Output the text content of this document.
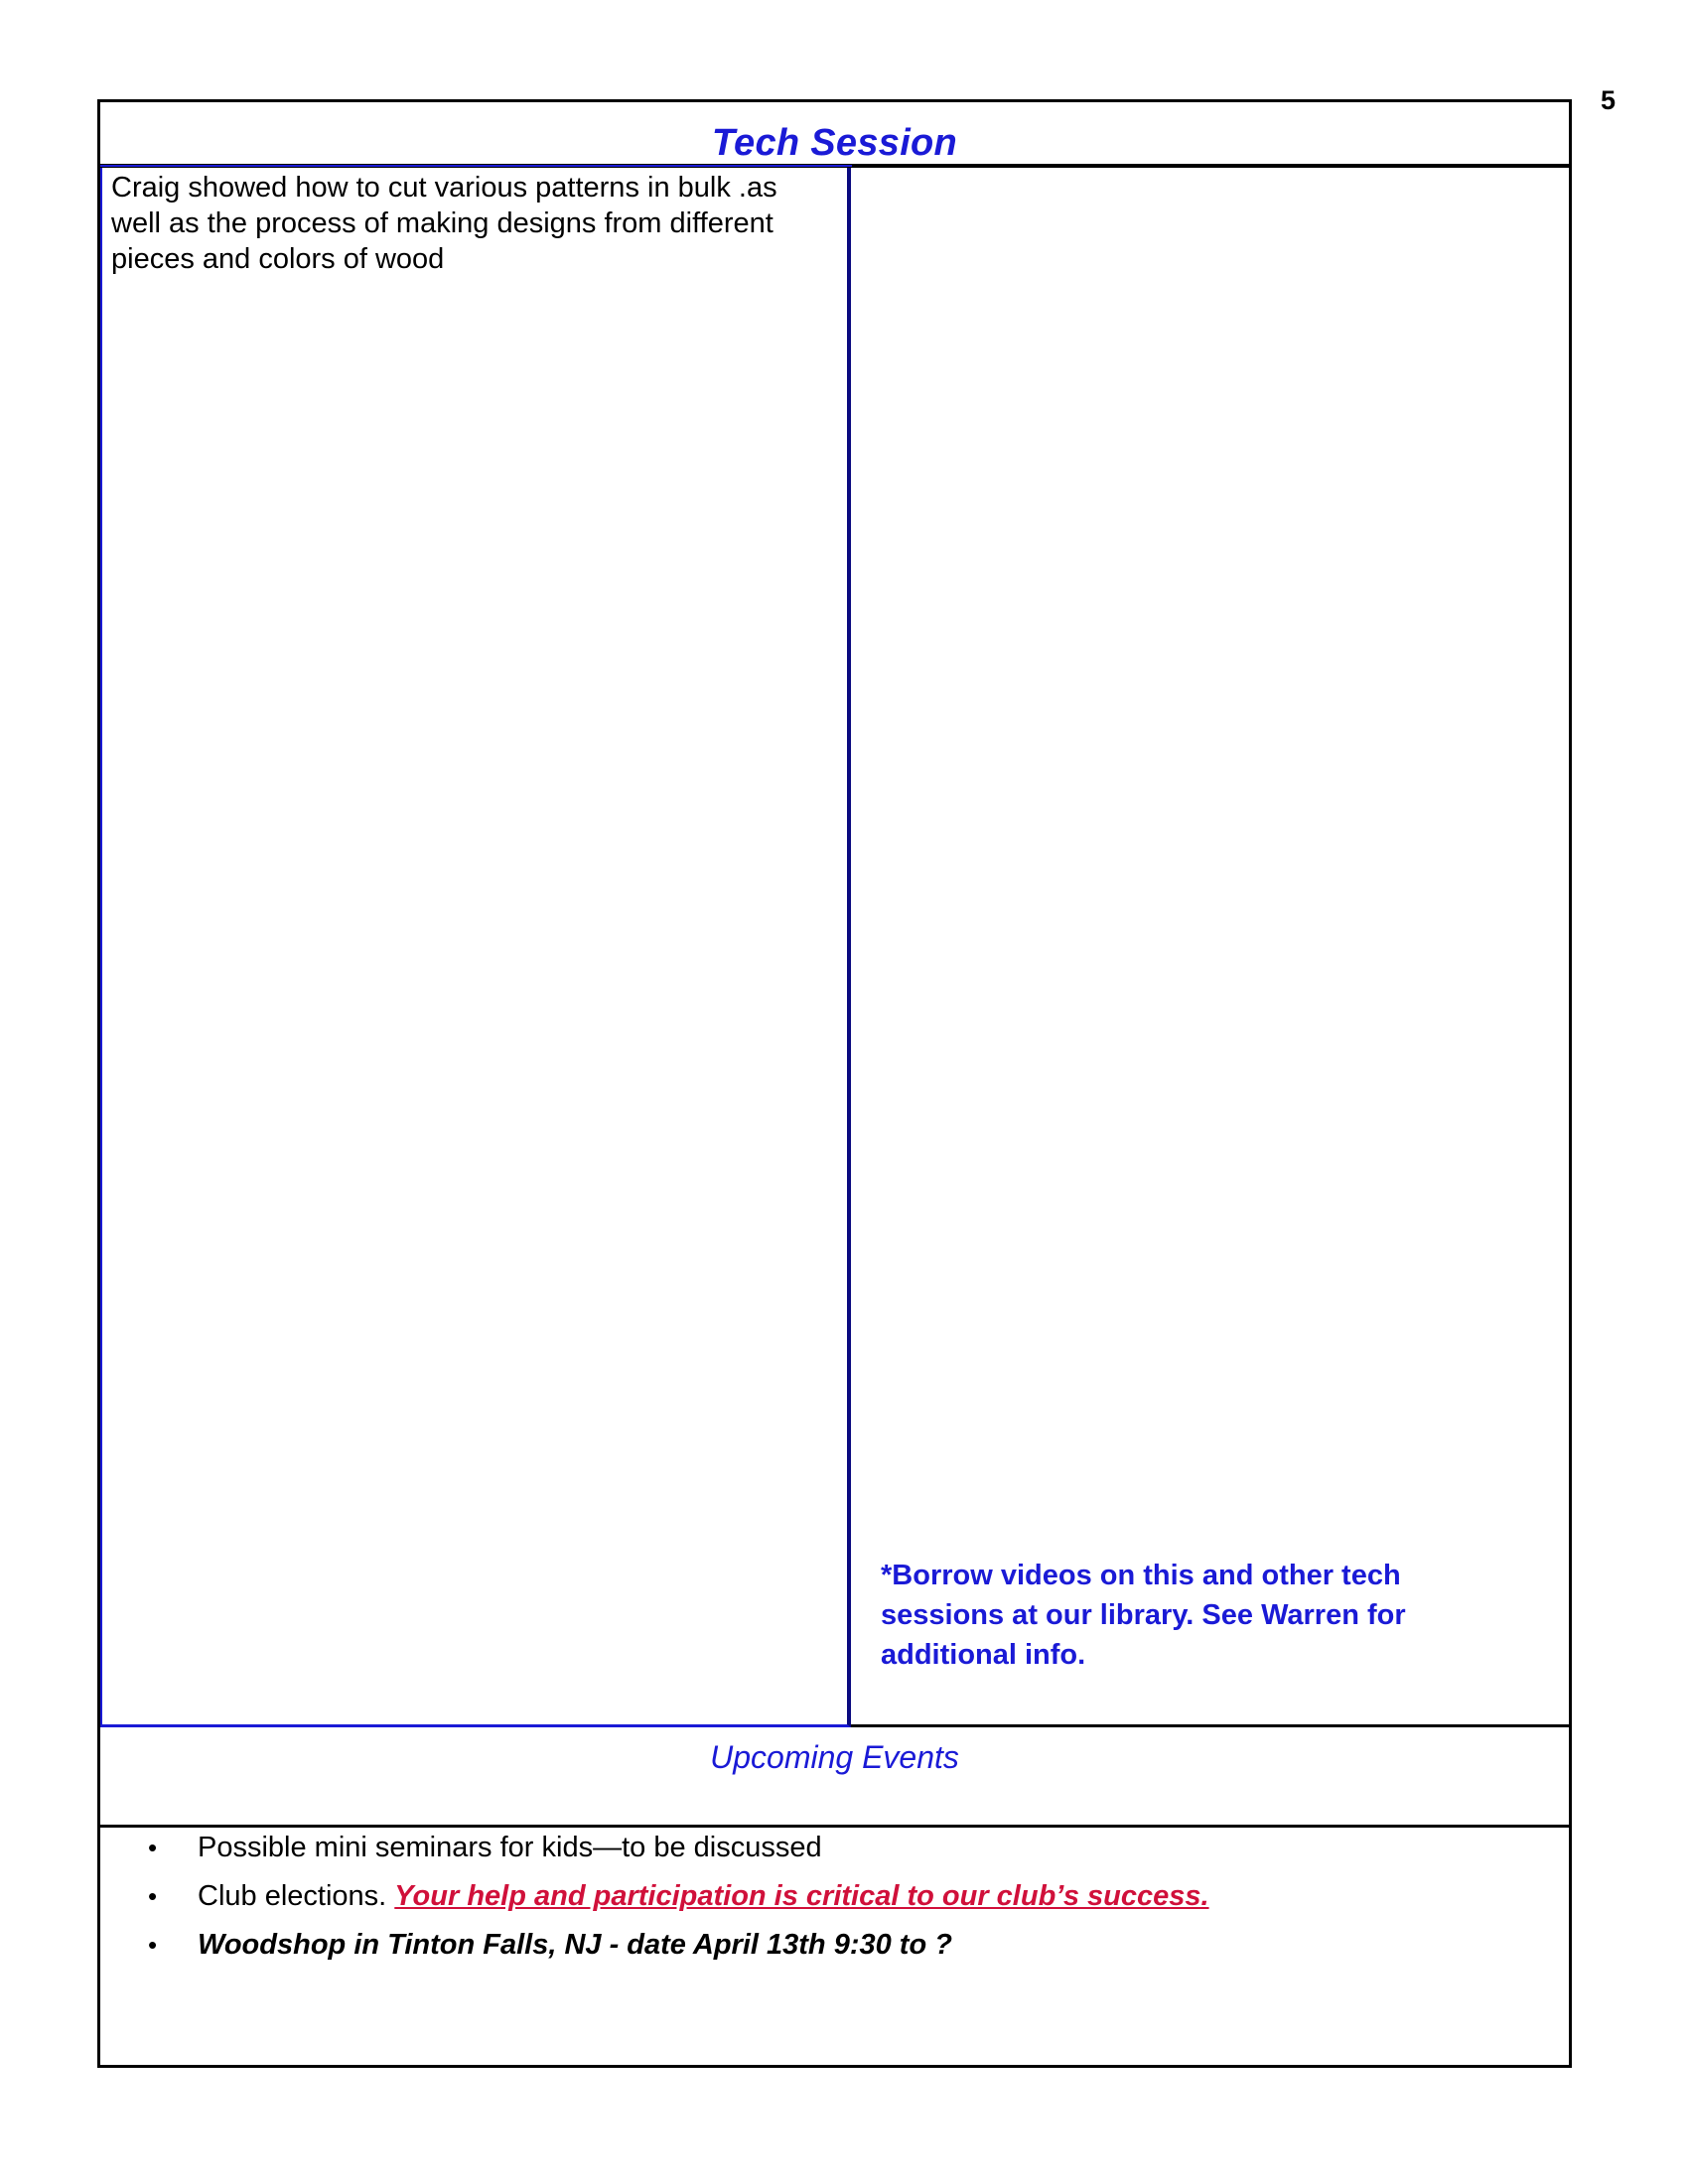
5
Tech Session

Craig showed how to cut various patterns in bulk .as well as the process of making designs from different pieces and colors of wood

*Borrow videos on this and other tech sessions at our library. See Warren for additional info.

Upcoming Events
• Possible mini seminars for kids—to be discussed
• Club elections. Your help and participation is critical to our club’s success.
• Woodshop in Tinton Falls, NJ - date April 13th 9:30 to ?
